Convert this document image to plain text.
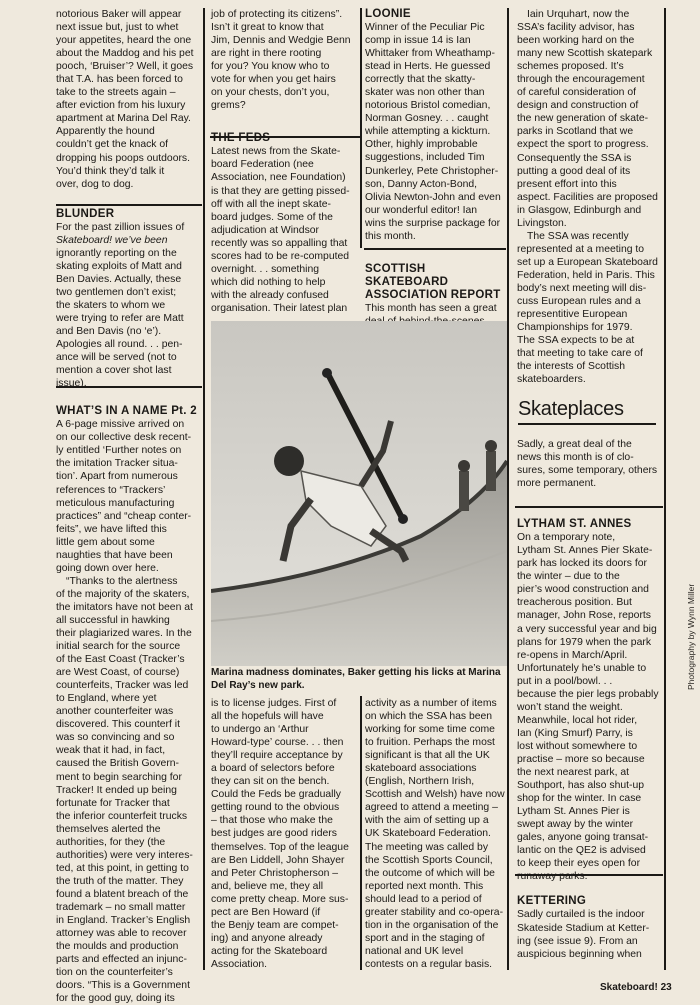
notorious Baker will appear
next issue but, just to whet
your appetites, heard the one
about the Maddog and his pet
pooch, ‘Bruiser’? Well, it goes
that T.A. has been forced to
take to the streets again –
after eviction from his luxury
apartment at Marina Del Ray.
Apparently the hound
couldn’t get the knack of
dropping his poops outdoors.
You’d think they’d talk it
over, dog to dog.

BLUNDER

For the past zillion issues of
Skateboard! we’ve been
ignorantly reporting on the
skating exploits of Matt and
Ben Davies. Actually, these
two gentlemen don’t exist;
the skaters to whom we
were trying to refer are Matt
and Ben Davis (no ‘e’).
Apologies all round. . . pen-
ance will be served (not to
mention a cover shot last
issue).

WHAT’S IN A NAME Pt. 2

A 6-page missive arrived on
on our collective desk recent-
ly entitled ‘Further notes on
the imitation Tracker situa-
tion’. Apart from numerous
references to “Trackers’
meticulous manufacturing
practices” and “cheap conter-
feits”, we have lifted this
little gem about some
naughties that have been
going down over here.

“Thanks to the alertness
of the majority of the skaters,
the imitators have not been at
all successful in hawking
their plagiarized wares. In the
initial search for the source
of the East Coast (Tracker’s
are West Coast, of course)
counterfeits, Tracker was led
to England, where yet
another counterfeiter was
discovered. This counterf it
was so convincing and so
weak that it had, in fact,
caused the British Govern-
ment to begin searching for
Tracker! It ended up being
fortunate for Tracker that
the inferior counterfeit trucks
themselves alerted the
authorities, for they (the
authorities) were very interes-
ted, at this point, in getting to
the truth of the matter. They
found a blatent breach of the
trademark – no small matter
in England. Tracker’s English
attorney was able to recover
the moulds and production
parts and effected an injunc-
tion on the counterfeiter’s
doors. “This is a Government
for the good guy, doing its

job of protecting its citizens”.
Isn’t it great to know that
Jim, Dennis and Wedgie Benn
are right in there rooting
for you? You know who to
vote for when you get hairs
on your chests, don’t you,
grems?

THE FEDS

Latest news from the Skate-
board Federation (nee
Association, nee Foundation)
is that they are getting pissed-
off with all the inept skate-
board judges. Some of the
adjudication at Windsor
recently was so appalling that
scores had to be re-computed
overnight. . . something
which did nothing to help
with the already confused
organisation. Their latest plan

LOONIE

Winner of the Peculiar Pic
comp in issue 14 is Ian
Whittaker from Wheathamp-
stead in Herts. He guessed
correctly that the skatty-
skater was non other than
notorious Bristol comedian,
Norman Gosney. . . caught
while attempting a kickturn.
Other, highly improbable
suggestions, included Tim
Dunkerley, Pete Christopher-
son, Danny Acton-Bond,
Olivia Newton-John and even
our wonderful editor! Ian
wins the surprise package for
this month.

SCOTTISH SKATEBOARD
ASSOCIATION REPORT

This month has seen a great

Marina madness dominates, Baker getting his licks at Marina
Del Ray’s new park.

is to license judges. First of
all the hopefuls will have
to undergo an ‘Arthur
Howard-type’ course. . . then
they’ll require acceptance by
a board of selectors before
they can sit on the bench.
Could the Feds be gradually
getting round to the obvious
– that those who make the
best judges are good riders
themselves. Top of the league
are Ben Liddell, John Shayer
and Peter Christopherson –
and, believe me, they all
come pretty cheap. More sus-
pect are Ben Howard (if
the Benjy team are compet-
ing) and anyone already
acting for the Skateboard
Association.

activity as a number of items
on which the SSA has been
working for some time come
to fruition. Perhaps the most
significant is that all the UK
skateboard associations
(English, Northern Irish,
Scottish and Welsh) have now
agreed to attend a meeting –
with the aim of setting up a
UK Skateboard Federation.
The meeting was called by
the Scottish Sports Council,
the outcome of which will be
reported next month. This
should lead to a period of
greater stability and co-opera-
tion in the organisation of the
sport and in the staging of
national and UK level
contests on a regular basis.

Iain Urquhart, now the
SSA’s facility advisor, has
been working hard on the
many new Scottish skatepark
schemes proposed. It’s
through the encouragement
of careful consideration of
design and construction of
the new generation of skate-
parks in Scotland that we
expect the sport to progress.
Consequently the SSA is
putting a good deal of its
present effort into this
aspect. Facilities are proposed
in Glasgow, Edinburgh and
Livingston.

The SSA was recently
represented at a meeting to
set up a European Skateboard
Federation, held in Paris. This
body’s next meeting will dis-
cuss European rules and a
representitive European
Championships for 1979.
The SSA expects to be at
that meeting to take care of
the interests of Scottish
skateboarders.

Skateplaces

Sadly, a great deal of the
news this month is of clo-
sures, some temporary, others
more permanent.

LYTHAM ST. ANNES

On a temporary note,
Lytham St. Annes Pier Skate-
park has locked its doors for
the winter – due to the
pier’s wood construction and
treacherous position. But
manager, John Rose, reports
a very successful year and big
plans for 1979 when the park
re-opens in March/April.
Unfortunately he’s unable to
put in a pool/bowl. . .
because the pier legs probably
won’t stand the weight.
Meanwhile, local hot rider,
Ian (King Smurf) Parry, is
lost without somewhere to
practise – more so because
the next nearest park, at
Southport, has also shut-up
shop for the winter. In case
Lytham St. Annes Pier is
swept away by the winter
gales, anyone going transat-
lantic on the QE2 is advised
to keep their eyes open for
runaway parks.

KETTERING

Sadly curtailed is the indoor
Skateside Stadium at Ketter-
ing (see issue 9). From an
auspicious beginning when

Photography by Wynn Miller
Skateboard! 23
